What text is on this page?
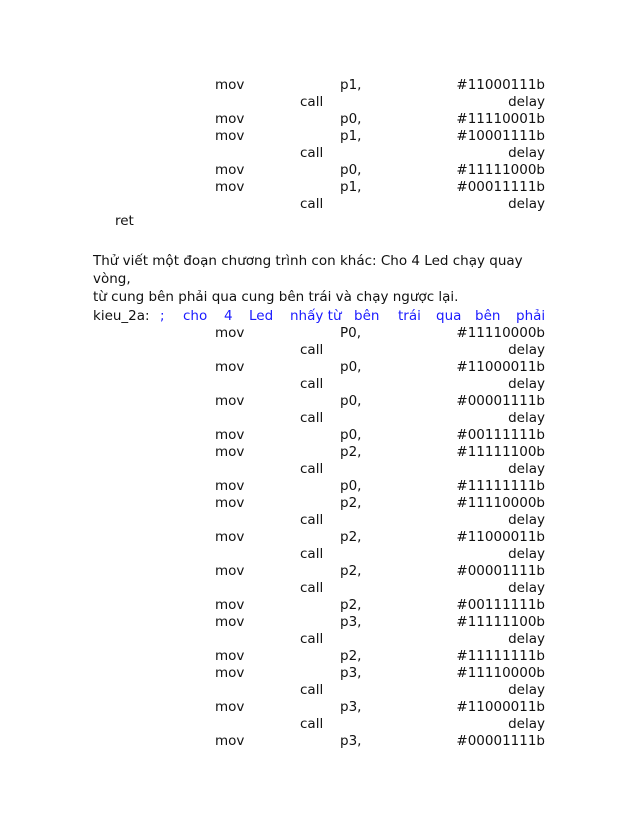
mov	p1,	#11000111b
call	delay
mov	p0,	#11110001b
mov	p1,	#10001111b
call	delay
mov	p0,	#11111000b
mov	p1,	#00011111b
call	delay
ret
Thử viết một đoạn chương trình con khác: Cho 4 Led chạy quay vòng,
từ cung bên phải qua cung bên trái và chạy ngược lại.
kieu_2a: ; cho 4 Led nhấy từ bên trái qua bên phải
mov	P0,	#11110000b
call	delay
mov	p0,	#11000011b
call	delay
mov	p0,	#00001111b
call	delay
mov	p0,	#00111111b
mov	p2,	#11111100b
call	delay
mov	p0,	#11111111b
mov	p2,	#11110000b
call	delay
mov	p2,	#11000011b
call	delay
mov	p2,	#00001111b
call	delay
mov	p2,	#00111111b
mov	p3,	#11111100b
call	delay
mov	p2,	#11111111b
mov	p3,	#11110000b
call	delay
mov	p3,	#11000011b
call	delay
mov	p3,	#00001111b
